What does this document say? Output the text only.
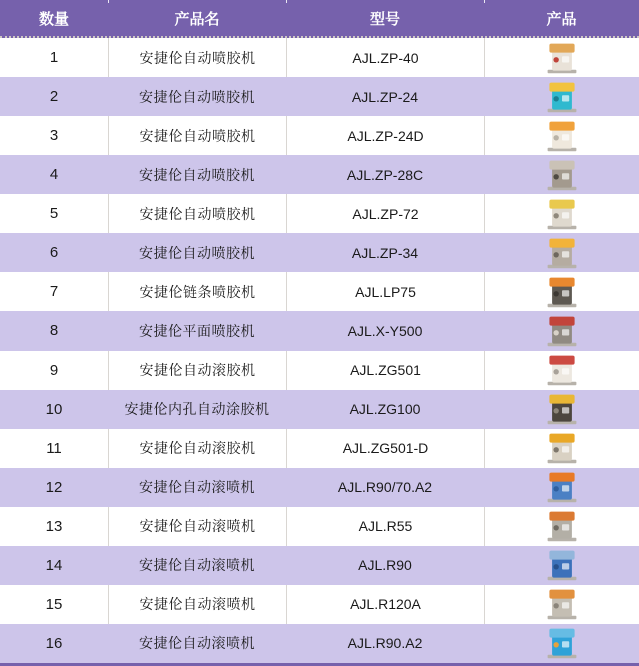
数量	产品名	型号	产品
1	安捷伦自动喷胶机	AJL.ZP-40
2	安捷伦自动喷胶机	AJL.ZP-24
3	安捷伦自动喷胶机	AJL.ZP-24D
4	安捷伦自动喷胶机	AJL.ZP-28C
5	安捷伦自动喷胶机	AJL.ZP-72
6	安捷伦自动喷胶机	AJL.ZP-34
7	安捷伦链条喷胶机	AJL.LP75
8	安捷伦平面喷胶机	AJL.X-Y500
9	安捷伦自动滚胶机	AJL.ZG501
10	安捷伦内孔自动涂胶机	AJL.ZG100
11	安捷伦自动滚胶机	AJL.ZG501-D
12	安捷伦自动滚喷机	AJL.R90/70.A2
13	安捷伦自动滚喷机	AJL.R55
14	安捷伦自动滚喷机	AJL.R90
15	安捷伦自动滚喷机	AJL.R120A
16	安捷伦自动滚喷机	AJL.R90.A2
